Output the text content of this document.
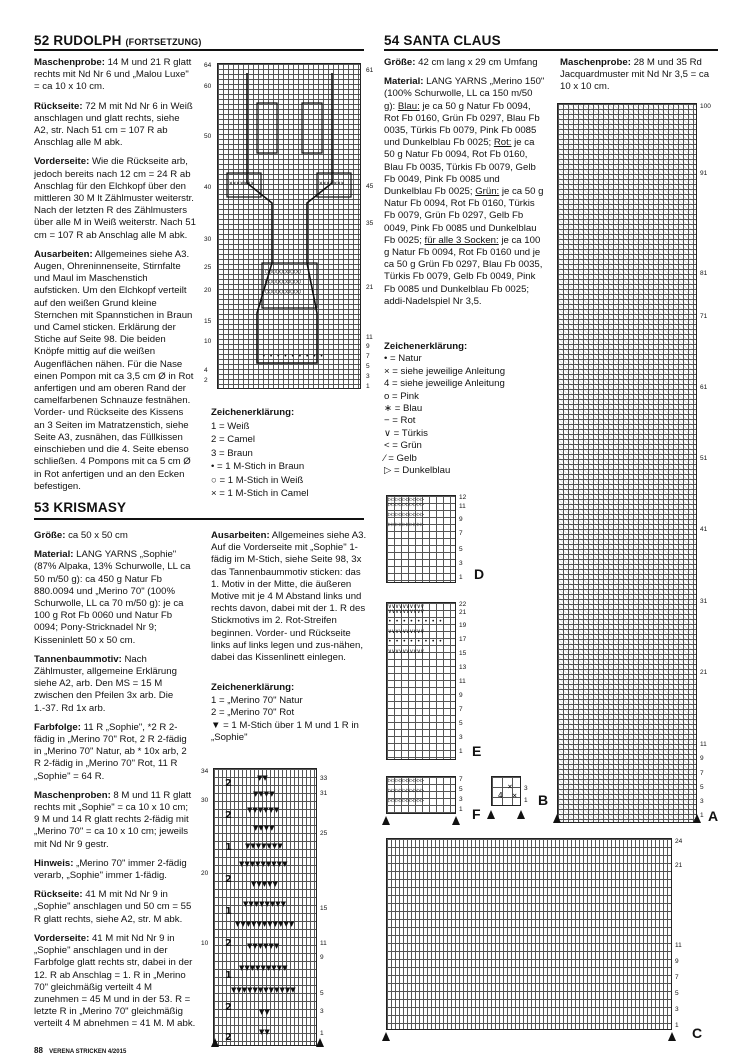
52 RUDOLPH (FORTSETZUNG)

Maschenprobe: 14 M und 21 R glatt rechts mit Nd Nr 6 und „Malou Luxe" = ca 10 x 10 cm.

Rückseite: 72 M mit Nd Nr 6 in Weiß anschlagen und glatt rechts, siehe A2, str. Nach 51 cm = 107 R ab Anschlag alle M abk.

Vorderseite: Wie die Rückseite arb, jedoch bereits nach 12 cm = 24 R ab Anschlag für den Elchkopf über den mittleren 30 M lt Zählmuster weiterstr. Nach der letzten R des Zählmusters über alle M in Weiß weiterstr. Nach 51 cm = 107 R ab Anschlag alle M abk.

Ausarbeiten: Allgemeines siehe A3. Augen, Ohreninnenseite, Stirnfalte und Maul im Maschenstich aufsticken. Um den Elchkopf verteilt auf den weißen Grund kleine Sternchen mit Spannstichen in Braun und Camel sticken. Erklärung der Stiche auf Seite 98. Die beiden Knöpfe mittig auf die weißen Augenflächen nähen. Für die Nase einen Pompon mit ca 3,5 cm Ø in Rot anfertigen und am oberen Rand der camelfarbenen Schnauze festnähen. Vorder- und Rückseite des Kissens an 3 Seiten im Matratzenstich, siehe Seite A3, zusnähen, das Füllkissen einschieben und die 4. Seite ebenso schließen. 4 Pompons mit ca 5 cm Ø in Rot anfertigen und an den Ecken befestigen.

×××××××	×××××××
○○○○○○○○○○
○○○○○○○○○○
○○○○○○○○○○
• • • • • • • • •
64
61
60
50
45
40
35
30
25
21
20
15
11
10
9
7
5
4
3
2
1
Zeichenerklärung:
1 = Weiß
2 = Camel
3 = Braun
• = 1 M-Stich in Braun
○ = 1 M-Stich in Weiß
× = 1 M-Stich in Camel
53 KRISMASY

Größe: ca 50 x 50 cm

Material: LANG YARNS „Sophie" (87% Alpaka, 13% Schurwolle, LL ca 50 m/50 g): ca 450 g Natur Fb 880.0094 und „Merino 70" (100% Schurwolle, LL ca 70 m/50 g): je ca 100 g Rot Fb 0060 und Natur Fb 0094; Pony-Stricknadel Nr 9; Kisseninlett 50 x 50 cm.

Tannenbaummotiv: Nach Zählmuster, allgemeine Erklärung siehe A2, arb. Den MS = 15 M zwischen den Pfeilen 3x arb. Die 1.-37. Rd 1x arb.

Farbfolge: 11 R „Sophie", *2 R 2-fädig in „Merino 70" Rot, 2 R 2-fädig in „Merino 70" Natur, ab * 10x arb, 2 R 2-fädig in „Merino 70" Rot, 11 R „Sophie" = 64 R.

Maschenproben: 8 M und 11 R glatt rechts mit „Sophie" = ca 10 x 10 cm; 9 M und 14 R glatt rechts 2-fädig mit „Merino 70" = ca 10 x 10 cm; jeweils mit Nd Nr 9 gestr.

Hinweis: „Merino 70" immer 2-fädig verarb, „Sophie" immer 1-fädig.

Rückseite: 41 M mit Nd Nr 9 in „Sophie" anschlagen und 50 cm = 55 R glatt rechts, siehe A2, str. M abk.

Vorderseite: 41 M mit Nd Nr 9 in „Sophie" anschlagen und in der Farbfolge glatt rechts str, dabei in der 12. R ab Anschlag = 1. R in „Merino 70" gleichmäßig verteilt 4 M zunehmen = 45 M und in der 53. R = letzte R in „Merino 70" gleichmäßig verteilt 4 M abnehmen = 41 M. M abk.

Ausarbeiten: Allgemeines siehe A3. Auf die Vorderseite mit „Sophie" 1-fädig im M-Stich, siehe Seite 98, 3x das Tannenbaummotiv sticken: das 1. Motiv in der Mitte, die äußeren Motive mit je 4 M Abstand links und rechts davon, dabei mit der 1. R des Stickmotivs im 2. Rot-Streifen beginnen. Vorder- und Rückseite links auf links legen und zus-nähen, dabei das Kissenlinett einlegen.

Zeichenerklärung:
1 = „Merino 70" Natur
2 = „Merino 70" Rot
▼ = 1 M-Stich über 1 M und 1 R in „Sophie"
▼▼
▼▼▼▼
▼▼▼▼▼▼
▼▼▼▼
▼▼▼▼▼▼▼
▼▼▼▼▼▼▼▼▼
▼▼▼▼▼
▼▼▼▼▼▼▼▼
▼▼▼▼▼▼▼▼▼▼▼
▼▼▼▼▼▼
▼▼▼▼▼▼▼▼▼
▼▼▼▼▼▼▼▼▼▼▼▼
▼▼
▼▼
2
2
1
2
1
2
1
2
2
34
33
31
30
25
20
15
11
10
9
5
3
1
54 SANTA CLAUS

Größe: 42 cm lang x 29 cm Umfang

Material: LANG YARNS „Merino 150" (100% Schurwolle, LL ca 150 m/50 g): Blau: je ca 50 g Natur Fb 0094, Rot Fb 0160, Grün Fb 0297, Blau Fb 0035, Türkis Fb 0079, Pink Fb 0085 und Dunkelblau Fb 0025; Rot: je ca 50 g Natur Fb 0094, Rot Fb 0160, Blau Fb 0035, Türkis Fb 0079, Gelb Fb 0049, Pink Fb 0085 und Dunkelblau Fb 0025; Grün: je ca 50 g Natur Fb 0094, Rot Fb 0160, Türkis Fb 0079, Grün Fb 0297, Gelb Fb 0049, Pink Fb 0085 und Dunkelblau Fb 0025; für alle 3 Socken: je ca 100 g Natur Fb 0094, Rot Fb 0160 und je ca 50 g Grün Fb 0297, Blau Fb 0035, Türkis Fb 0079, Gelb Fb 0049, Pink Fb 0085 und Dunkelblau Fb 0025; addi-Nadelspiel Nr 3,5.

Maschenprobe: 28 M und 35 Rd Jacquardmuster mit Nd Nr 3,5 = ca 10 x 10 cm.

Zeichenerklärung:
• = Natur
× = siehe jeweilige Anleitung
4 = siehe jeweilige Anleitung
o = Pink
∗ = Blau
− = Rot
∨ = Türkis
< = Grün
⁄ = Gelb
▷ = Dunkelblau
100
91
81
71
61
51
41
31
21
11
9
7
5
3
1 A
▷▷▷▷▷▷▷▷▷▷
▷▷▷▷▷▷▷▷▷▷

▷▷▷▷▷▷▷▷▷▷

▷▷▷▷▷▷▷▷▷▷
12
11
9
7
5
3
1 D
∨∨∨∨∨∨∨∨∨∨
∨∨∨∨∨∨∨∨∨∨

• • • • • • • •

∨∨∨∨∨∨∨∨∨∨

• • • • • • • •

∨∨∨∨∨∨∨∨∨∨
22
21
19
17
15
13
11
9
7
5
3
1 E
▷▷▷▷▷▷▷▷▷▷

▷▷▷▷▷▷▷▷▷▷

▷▷▷▷▷▷▷▷▷▷
7
5
3
1 F
×
4  ×
3
1 B
24
21
11
9
7
5
3
1 C
88 VERENA STRICKEN 4/2015
